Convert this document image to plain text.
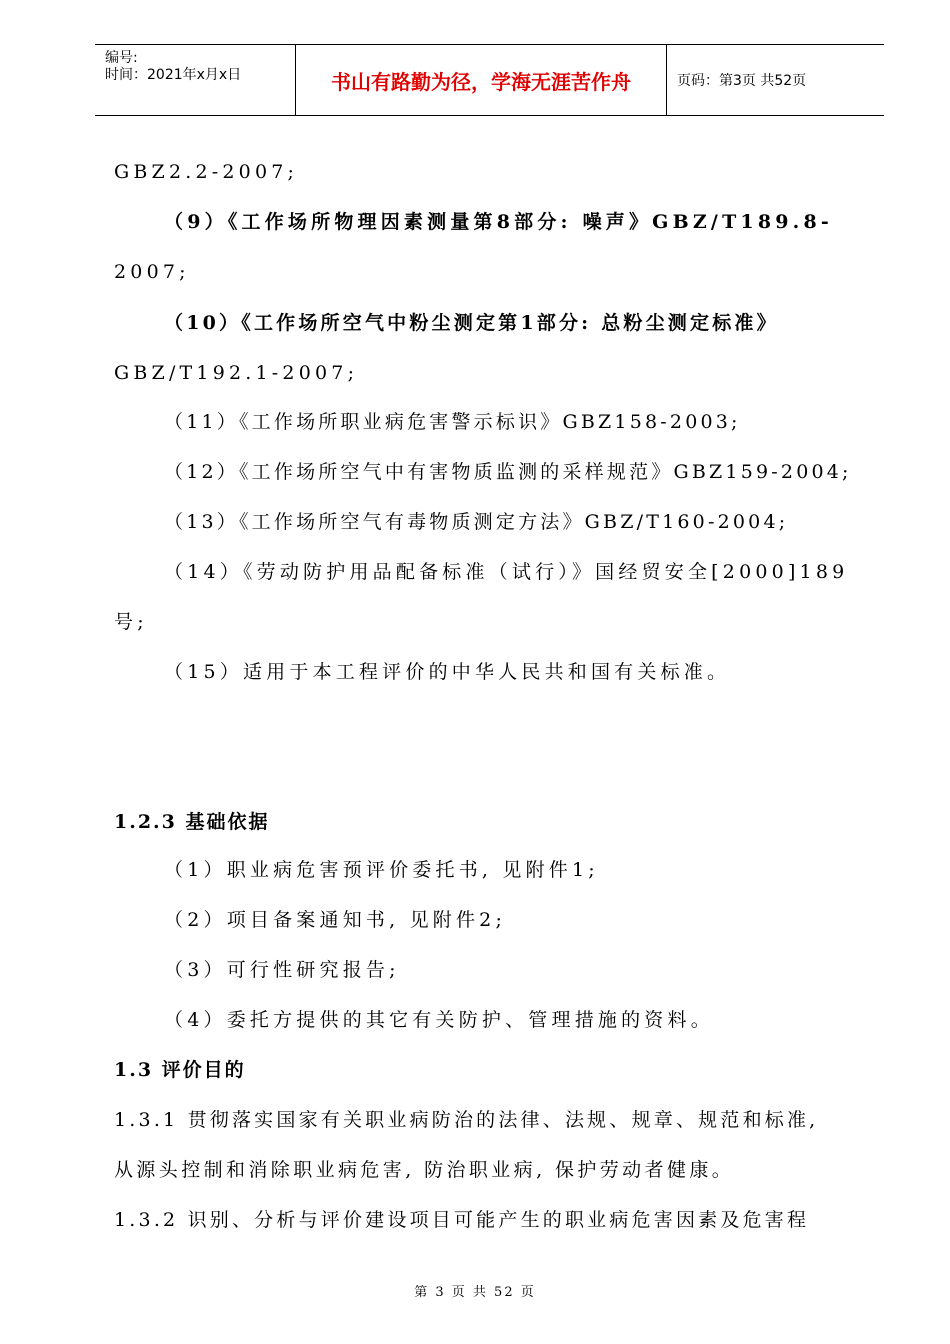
编号:
时间：2021年x月x日	书山有路勤为径，学海无涯苦作舟	页码：第3页 共52页
GBZ2.2-2007;
（9）《工作场所物理因素测量第8部分: 噪声》GBZ/T189.8-
2007;
（10）《工作场所空气中粉尘测定第1部分: 总粉尘测定标准》
GBZ/T192.1-2007;
（11）《工作场所职业病危害警示标识》GBZ158-2003;
（12）《工作场所空气中有害物质监测的采样规范》GBZ159-2004;
（13）《工作场所空气有毒物质测定方法》GBZ/T160-2004;
（14）《劳动防护用品配备标准（试行）》国经贸安全[2000]189
号;
（15）适用于本工程评价的中华人民共和国有关标准。
1.2.3 基础依据
（1）职业病危害预评价委托书, 见附件1;
（2）项目备案通知书, 见附件2;
（3）可行性研究报告;
（4）委托方提供的其它有关防护、管理措施的资料。
1.3 评价目的
1.3.1 贯彻落实国家有关职业病防治的法律、法规、规章、规范和标准,
从源头控制和消除职业病危害, 防治职业病, 保护劳动者健康。
1.3.2 识别、分析与评价建设项目可能产生的职业病危害因素及危害程
第 3 页 共 52 页
